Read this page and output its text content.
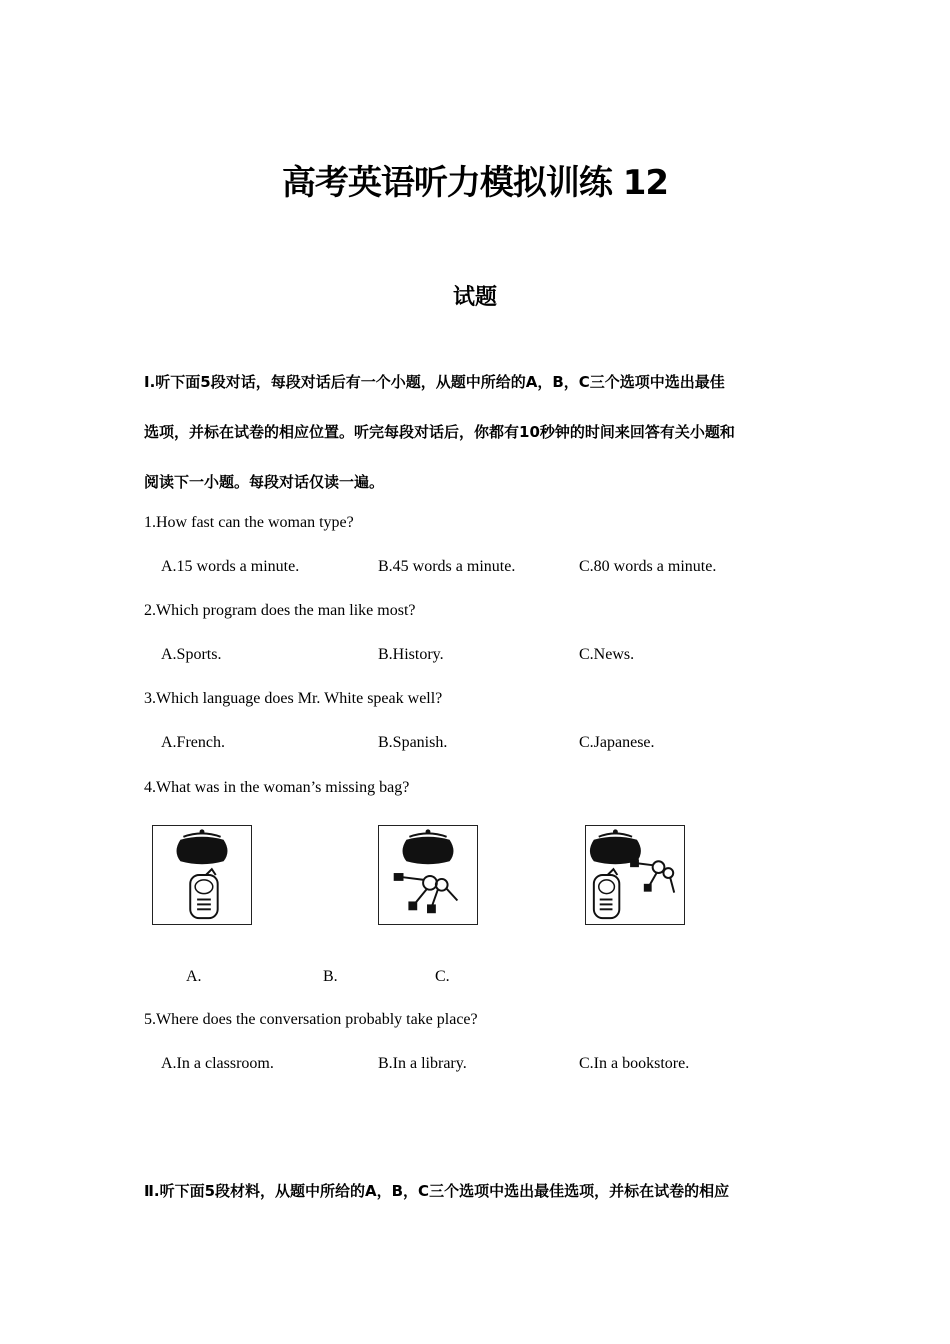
高考英语听力模拟训练 12
试题
Ⅰ.听下面5段对话，每段对话后有一个小题，从题中所给的A，B，C三个选项中选出最佳
选项，并标在试卷的相应位置。听完每段对话后，你都有10秒钟的时间来回答有关小题和
阅读下一小题。每段对话仅读一遍。
1.How fast can the woman type?
A.15 words a minute.	B.45 words a minute.	C.80 words a minute.
2.Which program does the man like most?
A.Sports.	B.History.	C.News.
3.Which language does Mr. White speak well?
A.French.	B.Spanish.	C.Japanese.
4.What was in the woman’s missing bag?
A.	B.	C.
5.Where does the conversation probably take place?
A.In a classroom.	B.In a library.	C.In a bookstore.
Ⅱ.听下面5段材料，从题中所给的A，B，C三个选项中选出最佳选项，并标在试卷的相应
